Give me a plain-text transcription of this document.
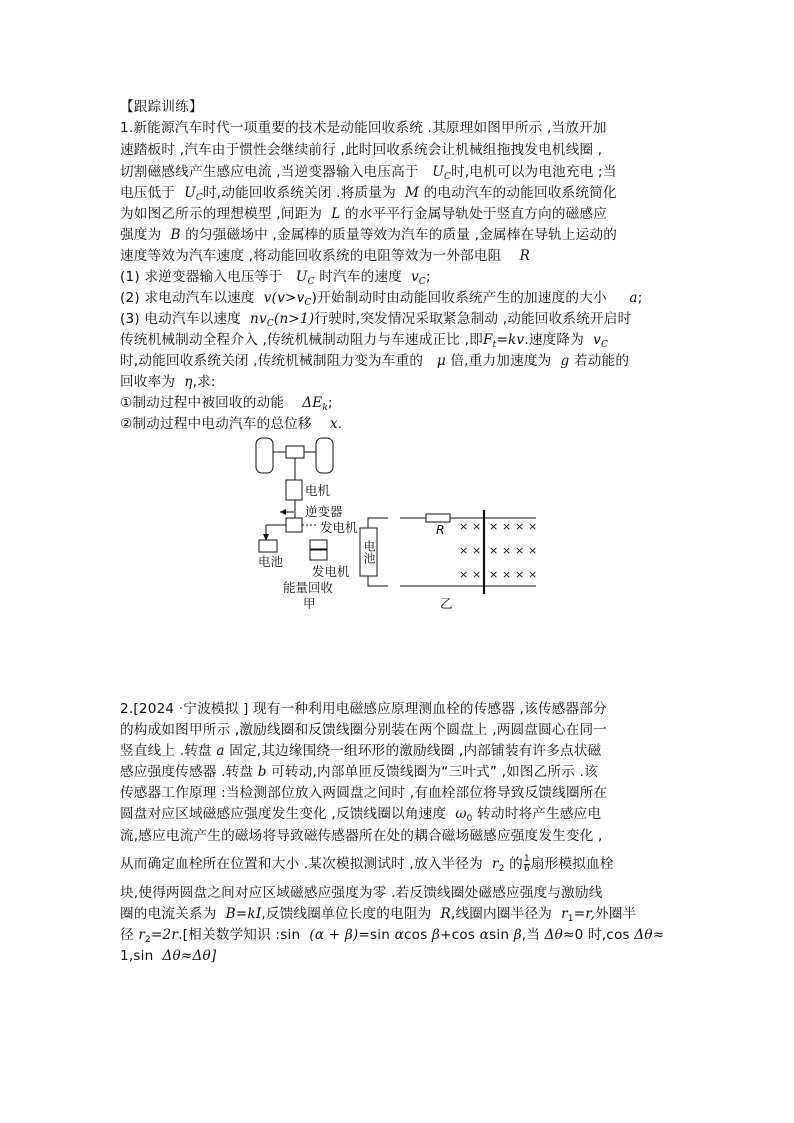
【跟踪训练】
1.新能源汽车时代一项重要的技术是动能回收系统 .其原理如图甲所示 ,当放开加
速踏板时 ,汽车由于惯性会继续前行 ,此时回收系统会让机械组拖拽发电机线圈 ,
切割磁感线产生感应电流 ,当逆变器输入电压高于 $U_C$时,电机可以为电池充电 ;当
电压低于 $U_C$时,动能回收系统关闭 .将质量为 M 的电动汽车的动能回收系统简化
为如图乙所示的理想模型 ,间距为 L 的水平平行金属导轨处于竖直方向的磁感应
强度为 B 的匀强磁场中 ,金属棒的质量等效为汽车的质量 ,金属棒在导轨上运动的
速度等效为汽车速度 ,将动能回收系统的电阻等效为一外部电阻 R
(1) 求逆变器输入电压等于 $U_C$ 时汽车的速度 $v_C$;
(2) 求电动汽车以速度 $v(v>v_C)$开始制动时由动能回收系统产生的加速度的大小 a;
(3) 电动汽车以速度 $nv_C(n>1)$行驶时,突发情况采取紧急制动 ,动能回收系统开启时
传统机械制动全程介入 ,传统机械制动阻力与车速成正比 ,即$F_t=kv$.速度降为 $v_C$
时,动能回收系统关闭 ,传统机械制阻力变为车重的 μ 倍,重力加速度为 g 若动能的
回收率为 η,求:
①制动过程中被回收的动能 $\Delta E_k$;
②制动过程中电动汽车的总位移 x.
电机
逆变器
发电机
电池
发电机
能量回收
甲	乙
R
电池
× × × × × ×
× × × × × ×
× × × × × ×
2.[2024 ·宁波模拟 ] 现有一种利用电磁感应原理测血栓的传感器 ,该传感器部分
的构成如图甲所示 ,激励线圈和反馈线圈分别装在两个圆盘上 ,两圆盘圆心在同一
竖直线上 .转盘 a 固定,其边缘围绕一组环形的激励线圈 ,内部铺装有许多点状磁
感应强度传感器 .转盘 b 可转动,内部单匝反馈线圈为“三叶式” ,如图乙所示 .该
传感器工作原理 :当检测部位放入两圆盘之间时 ,有血栓部位将导致反馈线圈所在
圆盘对应区域磁感应强度发生变化 ,反馈线圈以角速度 $\omega_0$ 转动时将产生感应电
流,感应电流产生的磁场将导致磁传感器所在处的耦合磁场磁感应强度发生变化 ,
从而确定血栓所在位置和大小 .某次模拟测试时 ,放入半径为 $r_2$ 的 $\frac{1}{6}$ 扇形模拟血栓
块,使得两圆盘之间对应区域磁感应强度为零 .若反馈线圈处磁感应强度与激励线
圈的电流关系为 B=kI,反馈线圈单位长度的电阻为 R,线圈内圈半径为 $r_1=r$,外圈半
径 $r_2=2r$.[相关数学知识 :sin (α + β)=sin αcos β+cos αsin β,当 Δθ≈0 时,cos Δθ≈
1,sin Δθ≈Δθ]
